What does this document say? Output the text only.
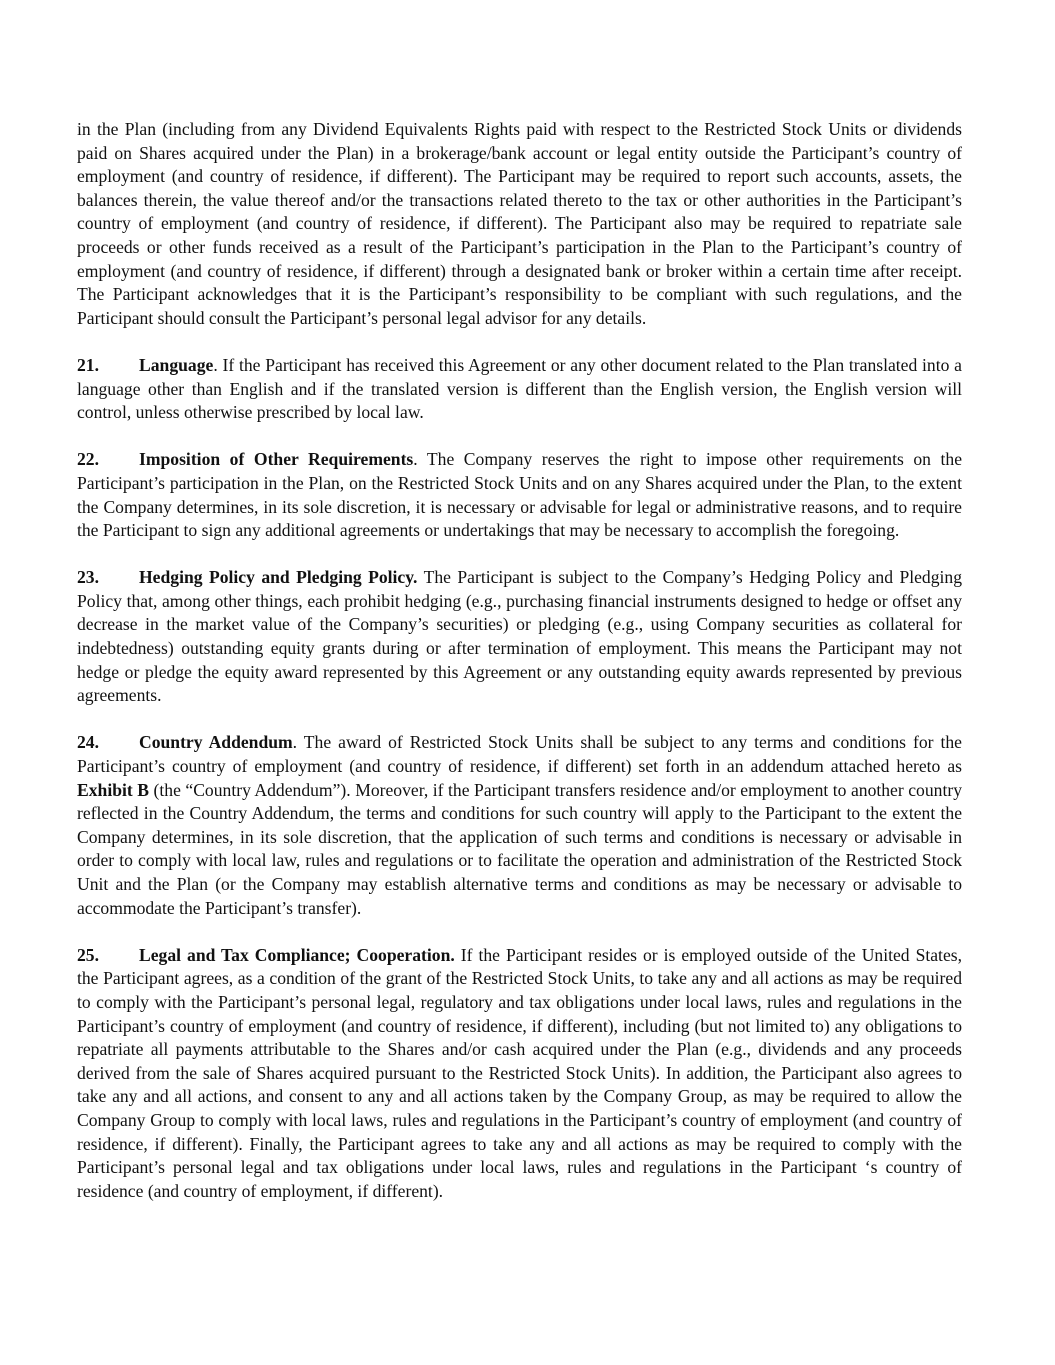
in the Plan (including from any Dividend Equivalents Rights paid with respect to the Restricted Stock Units or dividends paid on Shares acquired under the Plan) in a brokerage/bank account or legal entity outside the Participant’s country of employment (and country of residence, if different). The Participant may be required to report such accounts, assets, the balances therein, the value thereof and/or the transactions related thereto to the tax or other authorities in the Participant’s country of employment (and country of residence, if different). The Participant also may be required to repatriate sale proceeds or other funds received as a result of the Participant’s participation in the Plan to the Participant’s country of employment (and country of residence, if different) through a designated bank or broker within a certain time after receipt. The Participant acknowledges that it is the Participant’s responsibility to be compliant with such regulations, and the Participant should consult the Participant’s personal legal advisor for any details.

21. Language. If the Participant has received this Agreement or any other document related to the Plan translated into a language other than English and if the translated version is different than the English version, the English version will control, unless otherwise prescribed by local law.

22. Imposition of Other Requirements. The Company reserves the right to impose other requirements on the Participant’s participation in the Plan, on the Restricted Stock Units and on any Shares acquired under the Plan, to the extent the Company determines, in its sole discretion, it is necessary or advisable for legal or administrative reasons, and to require the Participant to sign any additional agreements or undertakings that may be necessary to accomplish the foregoing.

23. Hedging Policy and Pledging Policy. The Participant is subject to the Company’s Hedging Policy and Pledging Policy that, among other things, each prohibit hedging (e.g., purchasing financial instruments designed to hedge or offset any decrease in the market value of the Company’s securities) or pledging (e.g., using Company securities as collateral for indebtedness) outstanding equity grants during or after termination of employment. This means the Participant may not hedge or pledge the equity award represented by this Agreement or any outstanding equity awards represented by previous agreements.

24. Country Addendum. The award of Restricted Stock Units shall be subject to any terms and conditions for the Participant’s country of employment (and country of residence, if different) set forth in an addendum attached hereto as Exhibit B (the “Country Addendum”). Moreover, if the Participant transfers residence and/or employment to another country reflected in the Country Addendum, the terms and conditions for such country will apply to the Participant to the extent the Company determines, in its sole discretion, that the application of such terms and conditions is necessary or advisable in order to comply with local law, rules and regulations or to facilitate the operation and administration of the Restricted Stock Unit and the Plan (or the Company may establish alternative terms and conditions as may be necessary or advisable to accommodate the Participant’s transfer).

25. Legal and Tax Compliance; Cooperation. If the Participant resides or is employed outside of the United States, the Participant agrees, as a condition of the grant of the Restricted Stock Units, to take any and all actions as may be required to comply with the Participant’s personal legal, regulatory and tax obligations under local laws, rules and regulations in the Participant’s country of employment (and country of residence, if different), including (but not limited to) any obligations to repatriate all payments attributable to the Shares and/or cash acquired under the Plan (e.g., dividends and any proceeds derived from the sale of Shares acquired pursuant to the Restricted Stock Units). In addition, the Participant also agrees to take any and all actions, and consent to any and all actions taken by the Company Group, as may be required to allow the Company Group to comply with local laws, rules and regulations in the Participant’s country of employment (and country of residence, if different). Finally, the Participant agrees to take any and all actions as may be required to comply with the Participant’s personal legal and tax obligations under local laws, rules and regulations in the Participant ‘s country of residence (and country of employment, if different).
